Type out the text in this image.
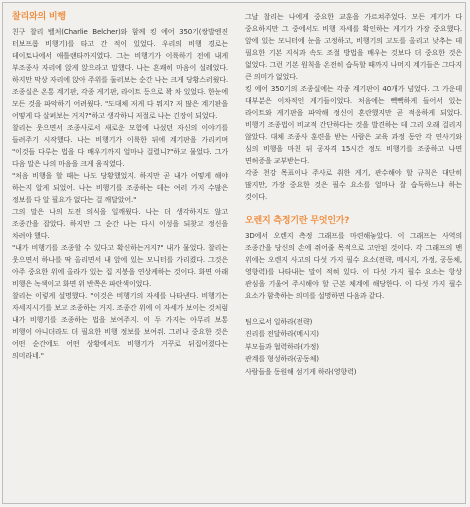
찰리와의 비행

친구 찰리 벨처(Charlie Belcher)와 함께 킹 에어 350기(쌍발엔진 터보프롭 비행기)를 타고 간 적이 있었다. 우리의 비행 경로는 데이토나에서 애틀랜타까지였다. 그는 비행기가 이륙하기 전에 내게 부조종사 자리에 앉게 앉으라고 말했다. 나는 흔쾌히 마음이 설레었다. 하지만 막상 자리에 앉아 주위를 둘러보는 순간 나는 크게 당황스러웠다. 조종실은 온통 계기판, 각종 게기판, 라이트 등으로 꽉 차 있었다. 한눈에 모든 것을 파악하기 어려웠다. "도대체 저게 다 뭐지? 저 많은 계기판을 어떻게 다 살펴보는 거지?"하고 생각하니 저절로 나는 긴장이 되었다.

찰리는 웃으면서 조종사로서 새로운 모험에 나섰던 자신의 이야기를 들려주기 시작했다. 나는 비행기가 이륙한 뒤에 계기판을 가리키며 "이것들 다루는 법을 다 배우기까지 얼마나 걸렸니?"하고 물었다. 그가 다음 말은 나의 마음을 크게 움직였다.

"처음 비행을 할 때는 나도 당황했었지. 하지만 곧 내가 어떻게 해야 하는지 알게 되었어. 나는 비행기를 조종하는 데는 여러 가지 수많은 정보를 다 알 필요가 없다는 걸 깨달았어."

그의 말은 나의 도전 의식을 일깨웠다. 나는 더 생각하지도 않고 조종간을 잡았다. 하지만 그 순간 나는 다시 이성을 되찾고 정신을 차려야 했다.

"내가 비행기를 조종할 수 있다고 확신하는거지?" 내가 물었다. 찰리는 웃으면서 하나를 딱 올리면서 내 앞에 있는 모니터를 가리켰다. 그것은 아주 중요한 위에 올라가 있는 집 지붕을 연상케하는 것이다. 화면 아래 비행은 녹색이고 화면 위 반쪽은 파란색이었다.

찰리는 이렇게 설명했다. "이것은 비행기의 자세를 나타낸다. 비행기는 자세지시기를 보고 조종하는 거지. 조종간 위에 이 자세가 보이는 것처럼 내가 비행기를 조종하는 법을 보여주지. 이 두 가지는 아무리 보통 비행이 아니더라도 더 필요한 비행 정보를 보여줘. 그러나 중요한 것은 어떤 순간에도 어떤 상황에서도 비행기가 거꾸로 뒤집어졌다는 의미라네."

그날 찰리는 나에게 중요한 교훈을 가르쳐주었다. 모든 게기가 다 중요하지만 그 중에서도 비행 자세를 확인하는 게기가 가장 중요했다. 앞에 있는 모니터에 눈을 고정하고, 비행기의 고도를 올리고 낮추는 데 필요한 기본 지식과 속도 조절 방법을 배우는 것보다 더 중요한 것은 없었다. 그런 기본 원칙을 온전히 습득할 때까지 나머지 계기들은 그다지 큰 의미가 없었다.

킹 에어 350기의 조종실에는 각종 계기판이 40개가 넘었다. 그 가운데 대부분은 이차적인 게기들이었다. 처음에는 빽빽하게 들어서 있는 라이트와 게기판을 파악해 정신이 혼란했지만 곧 적응하게 되었다. 비행기 조종법이 비교적 간단하다는 것을 발견하는 데 그리 오래 걸리지 않았다. 대체 조종사 훈련을 받는 사람은 교육 과정 동안 각 연사기와 심의 비행을 마친 뒤 공자격 15시간 정도 비행기를 조종하고 나면 면허증을 교부받는다.

각종 천강 목표이나 주사로 취한 게기, 관수해야 할 규칙은 대단히 많지만, 가장 중요한 것은 필수 요소를 얼마나 잘 습득하느냐 하는 것이다.

오렌지 측정기란 무엇인가?

3D에서 오렌지 측정 그래프를 마련해놓았다. 이 그래프는 사역의 조종간을 당신의 손에 쥐어줄 목적으로 고안된 것이다. 각 그래프의 맨 위에는 오렌지 사고의 다섯 가지 필수 요소(전략, 메시지, 가정, 공동체, 영향력)를 나타내는 말이 적혀 있다. 이 다섯 가지 필수 요소는 항상 관심을 기울여 주시해야 할 근본 체계에 해당한다. 이 다섯 가지 필수 요소가 함축하는 의미를 설명하면 다음과 같다.

팀으로서 일하라(전략)
진리를 전달하라(메시지)
부모들과 협력하라(가정)
관계를 형성하라(공동체)
사람들을 동원해 섬기게 하라(영향력)
